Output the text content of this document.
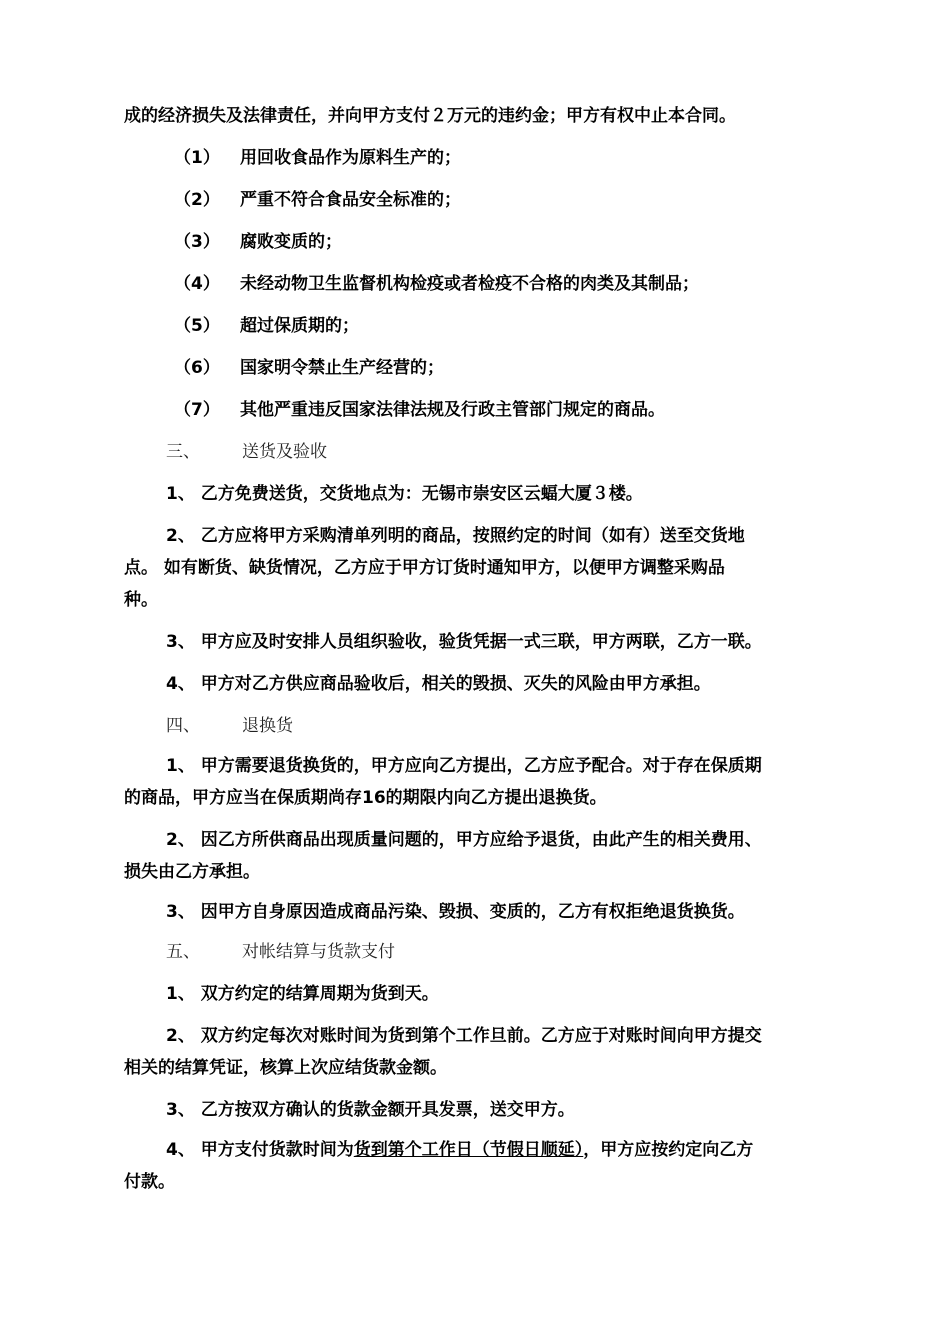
成的经济损失及法律责任，并向甲方支付２万元的违约金；甲方有权中止本合同。
（1） 用回收食品作为原料生产的；
（2） 严重不符合食品安全标准的；
（3） 腐败变质的；
（4） 未经动物卫生监督机构检疫或者检疫不合格的肉类及其制品；
（5） 超过保质期的；
（6） 国家明令禁止生产经营的；
（7） 其他严重违反国家法律法规及行政主管部门规定的商品。
三、 送货及验收
1、 乙方免费送货，交货地点为：无锡市崇安区云蝠大厦３楼。
2、 乙方应将甲方采购清单列明的商品，按照约定的时间（如有）送至交货地
点。 如有断货、缺货情况，乙方应于甲方订货时通知甲方，以便甲方调整采购品
种。
3、 甲方应及时安排人员组织验收，验货凭据一式三联，甲方两联，乙方一联。
4、 甲方对乙方供应商品验收后，相关的毁损、灭失的风险由甲方承担。
四、 退换货
1、 甲方需要退货换货的，甲方应向乙方提出，乙方应予配合。对于存在保质期
的商品，甲方应当在保质期尚存16的期限内向乙方提出退换货。
2、 因乙方所供商品出现质量问题的，甲方应给予退货，由此产生的相关费用、
损失由乙方承担。
3、 因甲方自身原因造成商品污染、毁损、变质的，乙方有权拒绝退货换货。
五、 对帐结算与货款支付
1、 双方约定的结算周期为货到天。
2、 双方约定每次对账时间为货到第个工作旦前。乙方应于对账时间向甲方提交
相关的结算凭证，核算上次应结货款金额。
3、 乙方按双方确认的货款金额开具发票，送交甲方。
4、 甲方支付货款时间为货到第个工作日（节假日顺延），甲方应按约定向乙方
付款。
